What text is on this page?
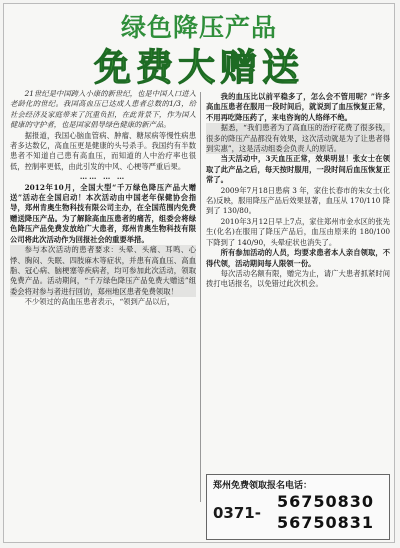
绿色降压产品
免费大赠送

21世纪是中国跨入小康的新世纪，也是中国人口进入老龄化的世纪。我国高血压已达成人患者总数的1/3，给社会经济及家庭带来了沉重负担，在此背景下，作为国人健康的守护者，也是国家倡导绿色健康的新产品。

据报道，我国心脑血管病、肿瘤、糖尿病等慢性病患者多达数亿，高血压更是健康的头号杀手。我国约有半数患者不知道自己患有高血压，而知道的人中治疗率也很低，控制率更低，由此引发的中风、心梗等严重后果。

…… … …

2012年10月，全国大型“千万绿色降压产品大赠送”活动在全国启动！本次活动由中国老年保健协会指导，郑州肯奥生物科技有限公司主办，在全国范围内免费赠送降压产品。为了解除高血压患者的痛苦，组委会将绿色降压产品免费发放给广大患者，郑州肯奥生物科技有限公司将此次活动作为回报社会的重要举措。

参与本次活动的患者要求：头晕、头痛、耳鸣、心悸、胸闷、失眠、四肢麻木等症状，并患有高血压、高血脂、冠心病、脑梗塞等疾病者，均可参加此次活动，领取免费产品。活动期间，“千万绿色降压产品免费大赠送”组委会将对参与者进行回访，郑州地区患者免费领取！

不少领过的高血压患者表示，“领到产品以后，

我的血压比以前平稳多了，怎么会不管用呢？”许多高血压患者在服用一段时间后，就说到了血压恢复正常，不用再吃降压药了，来电咨询的人络绎不绝。

据悉，“我们患者为了高血压的治疗花费了很多钱，很多的降压产品都没有效果，这次活动就是为了让患者得到实惠”，这是活动组委会负责人的原话。

当天活动中，3天血压正常，效果明显！张女士在领取了此产品之后，每天按时服用，一段时间后血压恢复正常了。

2009年7月18日患病 3 年，家住长春市的朱女士(化名)反映，服用降压产品后效果显著，血压从 170/110 降到了 130/80。

2010年3月12日早上7点，家住郑州市金水区的张先生(化名)在服用了降压产品后，血压由原来的 180/100 下降到了 140/90，头晕症状也消失了。

所有参加活动的人员，均要求患者本人亲自领取，不得代领，活动期间每人限领一份。

每次活动名额有限，赠完为止，请广大患者抓紧时间拨打电话报名，以免错过此次机会。

郑州免费领取报名电话：
0371-
56750830
56750831
